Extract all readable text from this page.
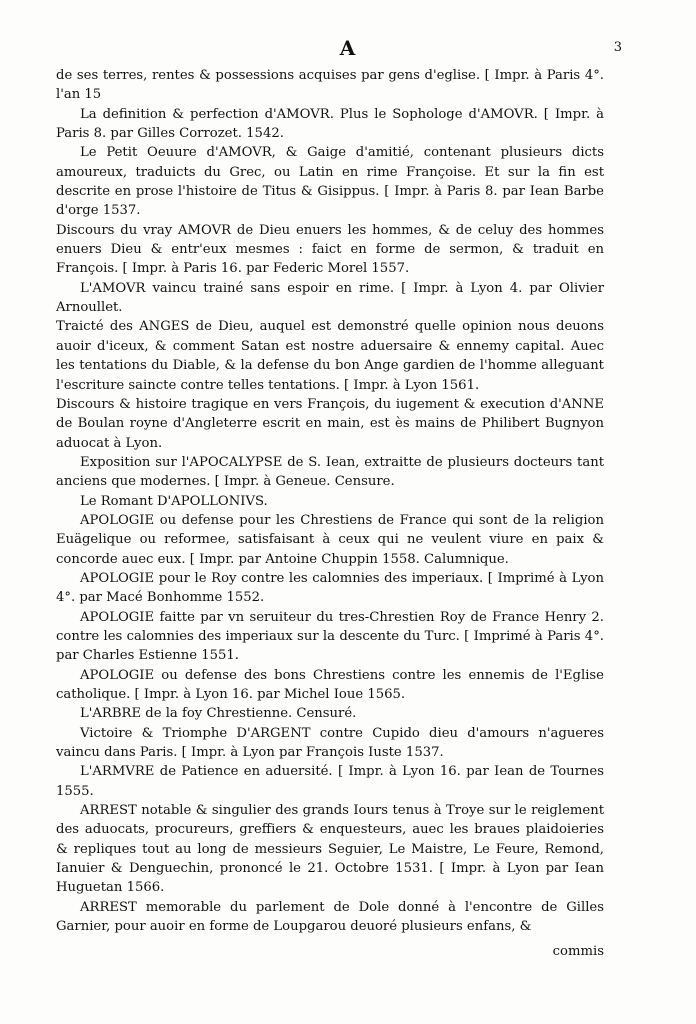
A	3

de ses terres, rentes & possessions acquises par gens d'eglise. [ Impr. à Paris 4°. l'an 15

La definition & perfection d'AMOVR. Plus le Sophologe d'AMOVR. [ Impr. à Paris 8. par Gilles Corrozet. 1542.

Le Petit Oeuure d'AMOVR, & Gaige d'amitié, contenant plusieurs dicts amoureux, traduicts du Grec, ou Latin en rime Françoise. Et sur la fin est descrite en prose l'histoire de Titus & Gisippus. [ Impr. à Paris 8. par Iean Barbe d'orge 1537.

Discours du vray AMOVR de Dieu enuers les hommes, & de celuy des hommes enuers Dieu & entr'eux mesmes : faict en forme de sermon, & traduit en François. [ Impr. à Paris 16. par Federic Morel 1557.

L'AMOVR vaincu trainé sans espoir en rime. [ Impr. à Lyon 4. par Olivier Arnoullet.

Traicté des ANGES de Dieu, auquel est demonstré quelle opinion nous deuons auoir d'iceux, & comment Satan est nostre aduersaire & ennemy capital. Auec les tentations du Diable, & la defense du bon Ange gardien de l'homme alleguant l'escriture saincte contre telles tentations. [ Impr. à Lyon 1561.

Discours & histoire tragique en vers François, du iugement & execution d'ANNE de Boulan royne d'Angleterre escrit en main, est ès mains de Philibert Bugnyon aduocat à Lyon.

Exposition sur l'APOCALYPSE de S. Iean, extraitte de plusieurs docteurs tant anciens que modernes. [ Impr. à Geneue. Censure.

Le Romant D'APOLLONIVS.

APOLOGIE ou defense pour les Chrestiens de France qui sont de la religion Euägelique ou reformee, satisfaisant à ceux qui ne veulent viure en paix & concorde auec eux. [ Impr. par Antoine Chuppin 1558. Calumnique.

APOLOGIE pour le Roy contre les calomnies des imperiaux. [ Imprimé à Lyon 4°. par Macé Bonhomme 1552.

APOLOGIE faitte par vn seruiteur du tres-Chrestien Roy de France Henry 2. contre les calomnies des imperiaux sur la descente du Turc. [ Imprimé à Paris 4°. par Charles Estienne 1551.

APOLOGIE ou defense des bons Chrestiens contre les ennemis de l'Eglise catholique. [ Impr. à Lyon 16. par Michel Ioue 1565.

L'ARBRE de la foy Chrestienne. Censuré.

Victoire & Triomphe D'ARGENT contre Cupido dieu d'amours n'agueres vaincu dans Paris. [ Impr. à Lyon par François Iuste 1537.

L'ARMVRE de Patience en aduersité. [ Impr. à Lyon 16. par Iean de Tournes 1555.

ARREST notable & singulier des grands Iours tenus à Troye sur le reiglement des aduocats, procureurs, greffiers & enquesteurs, auec les braues plaidoieries & repliques tout au long de messieurs Seguier, Le Maistre, Le Feure, Remond, Ianuier & Denguechin, prononcé le 21. Octobre 1531. [ Impr. à Lyon par Iean Huguetan 1566.

ARREST memorable du parlement de Dole donné à l'encontre de Gilles Garnier, pour auoir en forme de Loupgarou deuoré plusieurs enfans, &

commis
